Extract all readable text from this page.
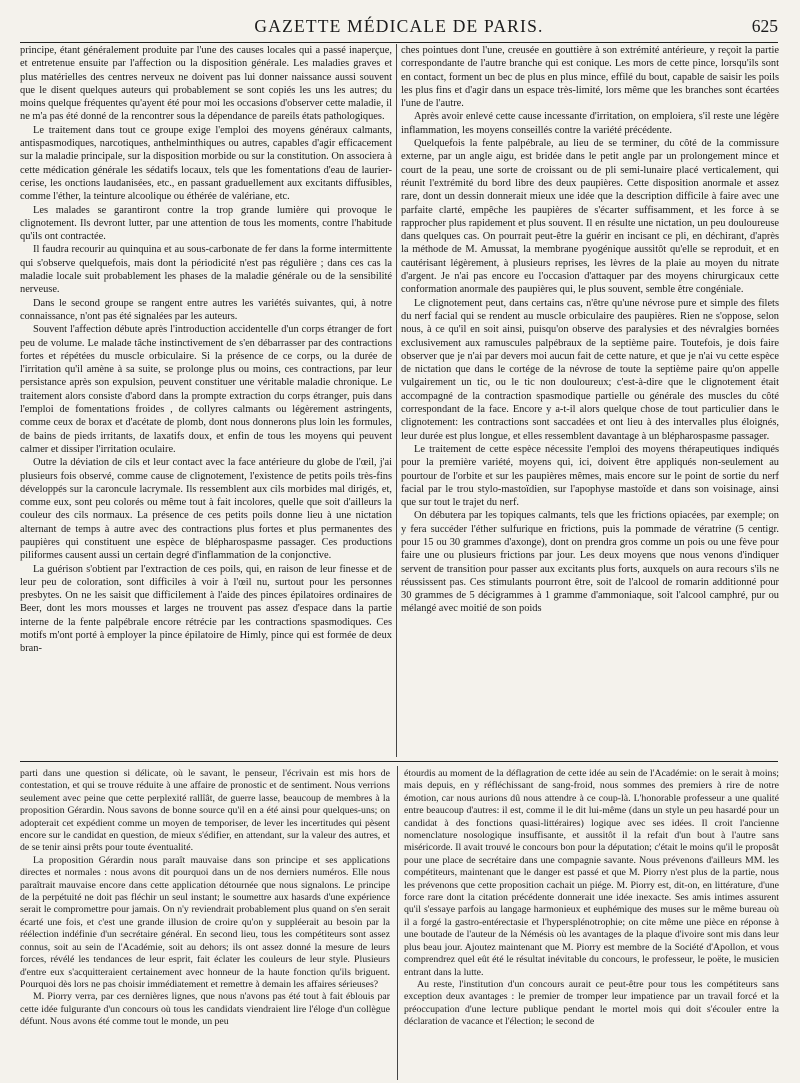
GAZETTE MÉDICALE DE PARIS.	625

principe, étant généralement produite par l'une des causes locales qui a passé inaperçue, et entretenue ensuite par l'affection ou la disposition générale. Les maladies graves et plus matérielles des centres nerveux ne doivent pas lui donner naissance aussi souvent que le disent quelques auteurs qui probablement se sont copiés les uns les autres; du moins quelque fréquentes qu'ayent été pour moi les occasions d'observer cette maladie, il ne m'a pas été donné de la rencontrer sous la dépendance de pareils états pathologiques.

Le traitement dans tout ce groupe exige l'emploi des moyens généraux calmants, antispasmodiques, narcotiques, anthelminthiques ou autres, capables d'agir efficacement sur la maladie principale, sur la disposition morbide ou sur la constitution. On associera à cette médication générale les sédatifs locaux, tels que les fomentations d'eau de laurier-cerise, les onctions laudanisées, etc., en passant graduellement aux excitants diffusibles, comme l'éther, la teinture alcoolique ou éthérée de valériane, etc.

Les malades se garantiront contre la trop grande lumière qui provoque le clignotement. Ils devront lutter, par une attention de tous les moments, contre l'habitude qu'ils ont contractée.

Il faudra recourir au quinquina et au sous-carbonate de fer dans la forme intermittente qui s'observe quelquefois, mais dont la périodicité n'est pas régulière ; dans ces cas la maladie locale suit probablement les phases de la maladie générale ou de la sensibilité nerveuse.

Dans le second groupe se rangent entre autres les variétés suivantes, qui, à notre connaissance, n'ont pas été signalées par les auteurs.

Souvent l'affection débute après l'introduction accidentelle d'un corps étranger de fort peu de volume. Le malade tâche instinctivement de s'en débarrasser par des contractions fortes et répétées du muscle orbiculaire. Si la présence de ce corps, ou la durée de l'irritation qu'il amène à sa suite, se prolonge plus ou moins, ces contractions, par leur persistance après son expulsion, peuvent constituer une véritable maladie chronique. Le traitement alors consiste d'abord dans la prompte extraction du corps étranger, puis dans l'emploi de fomentations froides , de collyres calmants ou légèrement astringents, comme ceux de borax et d'acétate de plomb, dont nous donnerons plus loin les formules, de bains de pieds irritants, de laxatifs doux, et enfin de tous les moyens qui peuvent calmer et dissiper l'irritation oculaire.

Outre la déviation de cils et leur contact avec la face antérieure du globe de l'œil, j'ai plusieurs fois observé, comme cause de clignotement, l'existence de petits poils très-fins développés sur la caroncule lacrymale. Ils ressemblent aux cils morbides mal dirigés, et, comme eux, sont peu colorés ou même tout à fait incolores, quelle que soit d'ailleurs la couleur des cils normaux. La présence de ces petits poils donne lieu à une nictation alternant de temps à autre avec des contractions plus fortes et plus permanentes des paupières qui constituent une espèce de blépharospasme passager. Ces productions piliformes causent aussi un certain degré d'inflammation de la conjonctive.

La guérison s'obtient par l'extraction de ces poils, qui, en raison de leur finesse et de leur peu de coloration, sont difficiles à voir à l'œil nu, surtout pour les personnes presbytes. On ne les saisit que difficilement à l'aide des pinces épilatoires ordinaires de Beer, dont les mors mousses et larges ne trouvent pas assez d'espace dans la partie interne de la fente palpébrale encore rétrécie par les contractions spasmodiques. Ces motifs m'ont porté à employer la pince épilatoire de Himly, pince qui est formée de deux bran-

ches pointues dont l'une, creusée en gouttière à son extrémité antérieure, y reçoit la partie correspondante de l'autre branche qui est conique. Les mors de cette pince, lorsqu'ils sont en contact, forment un bec de plus en plus mince, effilé du bout, capable de saisir les poils les plus fins et d'agir dans un espace très-limité, lors même que les branches sont écartées l'une de l'autre.

Après avoir enlevé cette cause incessante d'irritation, on emploiera, s'il reste une légère inflammation, les moyens conseillés contre la variété précédente.

Quelquefois la fente palpébrale, au lieu de se terminer, du côté de la commissure externe, par un angle aigu, est bridée dans le petit angle par un prolongement mince et court de la peau, une sorte de croissant ou de pli semi-lunaire placé verticalement, qui réunit l'extrémité du bord libre des deux paupières. Cette disposition anormale et assez rare, dont un dessin donnerait mieux une idée que la description difficile à faire avec une parfaite clarté, empêche les paupières de s'écarter suffisamment, et les force à se rapprocher plus rapidement et plus souvent. Il en résulte une nictation, un peu douloureuse dans quelques cas. On pourrait peut-être la guérir en incisant ce pli, en déchirant, d'après la méthode de M. Amussat, la membrane pyogénique aussitôt qu'elle se reproduit, et en cautérisant légèrement, à plusieurs reprises, les lèvres de la plaie au moyen du nitrate d'argent. Je n'ai pas encore eu l'occasion d'attaquer par des moyens chirurgicaux cette conformation anormale des paupières qui, le plus souvent, semble être congéniale.

Le clignotement peut, dans certains cas, n'être qu'une névrose pure et simple des filets du nerf facial qui se rendent au muscle orbiculaire des paupières. Rien ne s'oppose, selon nous, à ce qu'il en soit ainsi, puisqu'on observe des paralysies et des névralgies bornées exclusivement aux ramuscules palpébraux de la septième paire. Toutefois, je dois faire observer que je n'ai par devers moi aucun fait de cette nature, et que je n'ai vu cette espèce de nictation que dans le cortége de la névrose de toute la septième paire qu'on appelle vulgairement un tic, ou le tic non douloureux; c'est-à-dire que le clignotement était accompagné de la contraction spasmodique partielle ou générale des muscles du côté correspondant de la face. Encore y a-t-il alors quelque chose de tout particulier dans le clignotement: les contractions sont saccadées et ont lieu à des intervalles plus éloignés, leur durée est plus longue, et elles ressemblent davantage à un blépharospasme passager.

Le traitement de cette espèce nécessite l'emploi des moyens thérapeutiques indiqués pour la première variété, moyens qui, ici, doivent être appliqués non-seulement au pourtour de l'orbite et sur les paupières mêmes, mais encore sur le point de sortie du nerf facial par le trou stylo-mastoïdien, sur l'apophyse mastoïde et dans son voisinage, ainsi que sur tout le trajet du nerf.

On débutera par les topiques calmants, tels que les frictions opiacées, par exemple; on y fera succéder l'éther sulfurique en frictions, puis la pommade de vératrine (5 centigr. pour 15 ou 30 grammes d'axonge), dont on prendra gros comme un pois ou une fève pour faire une ou plusieurs frictions par jour. Les deux moyens que nous venons d'indiquer servent de transition pour passer aux excitants plus forts, auxquels on aura recours s'ils ne réussissent pas. Ces stimulants pourront être, soit de l'alcool de romarin additionné pour 30 grammes de 5 décigrammes à 1 gramme d'ammoniaque, soit l'alcool camphré, pur ou mélangé avec moitié de son poids

parti dans une question si délicate, où le savant, le penseur, l'écrivain est mis hors de contestation, et qui se trouve réduite à une affaire de pronostic et de sentiment. Nous verrions seulement avec peine que cette perplexité rallîât, de guerre lasse, beaucoup de membres à la proposition Gérardin. Nous savons de bonne source qu'il en a été ainsi pour quelques-uns; on adopterait cet expédient comme un moyen de temporiser, de lever les incertitudes qui pèsent encore sur le candidat en question, de mieux s'édifier, en attendant, sur la valeur des autres, et de se tenir ainsi prêts pour toute éventualité.

La proposition Gérardin nous paraît mauvaise dans son principe et ses applications directes et normales : nous avons dit pourquoi dans un de nos derniers numéros. Elle nous paraîtrait mauvaise encore dans cette application détournée que nous signalons. Le principe de la perpétuité ne doit pas fléchir un seul instant; le soumettre aux hasards d'une expérience serait le compromettre pour jamais. On n'y reviendrait probablement plus quand on s'en serait écarté une fois, et c'est une grande illusion de croire qu'on y suppléerait au besoin par la réélection indéfinie d'un secrétaire général. En second lieu, tous les compétiteurs sont assez connus, soit au sein de l'Académie, soit au dehors; ils ont assez donné la mesure de leurs forces, révélé les tendances de leur esprit, fait éclater les couleurs de leur style. Plusieurs d'entre eux s'acquitteraient certainement avec honneur de la haute fonction qu'ils briguent. Pourquoi dès lors ne pas choisir immédiatement et remettre à demain les affaires sérieuses?

M. Piorry verra, par ces dernières lignes, que nous n'avons pas été tout à fait éblouis par cette idée fulgurante d'un concours où tous les candidats viendraient lire l'éloge d'un collègue défunt. Nous avons été comme tout le monde, un peu

étourdis au moment de la déflagration de cette idée au sein de l'Académie: on le serait à moins; mais depuis, en y réfléchissant de sang-froid, nous sommes des premiers à rire de notre émotion, car nous aurions dû nous attendre à ce coup-là. L'honorable professeur a une qualité entre beaucoup d'autres: il est, comme il le dit lui-même (dans un style un peu hasardé pour un candidat à des fonctions quasi-littéraires) logique avec ses idées. Il croit l'ancienne nomenclature nosologique insuffisante, et aussitôt il la refait d'un bout à l'autre sans miséricorde. Il avait trouvé le concours bon pour la députation; c'était le moins qu'il le proposât pour une place de secrétaire dans une compagnie savante. Nous prévenons d'ailleurs MM. les compétiteurs, maintenant que le danger est passé et que M. Piorry n'est plus de la partie, nous les prévenons que cette proposition cachait un piége. M. Piorry est, dit-on, en littérature, d'une force rare dont la citation précédente donnerait une idée inexacte. Ses amis intimes assurent qu'il s'essaye parfois au langage harmonieux et euphémique des muses sur le même bureau où il a forgé la gastro-entérectasie et l'hypersplénotrophie; on cite même une pièce en réponse à une boutade de l'auteur de la Némésis où les avantages de la plaque d'ivoire sont mis dans leur plus beau jour. Ajoutez maintenant que M. Piorry est membre de la Société d'Apollon, et vous comprendrez quel eût été le résultat inévitable du concours, le professeur, le poëte, le musicien entrant dans la lutte.

Au reste, l'institution d'un concours aurait ce peut-être pour tous les compétiteurs sans exception deux avantages : le premier de tromper leur impatience par un travail forcé et la préoccupation d'une lecture publique pendant le mortel mois qui doit s'écouler entre la déclaration de vacance et l'élection; le second de
